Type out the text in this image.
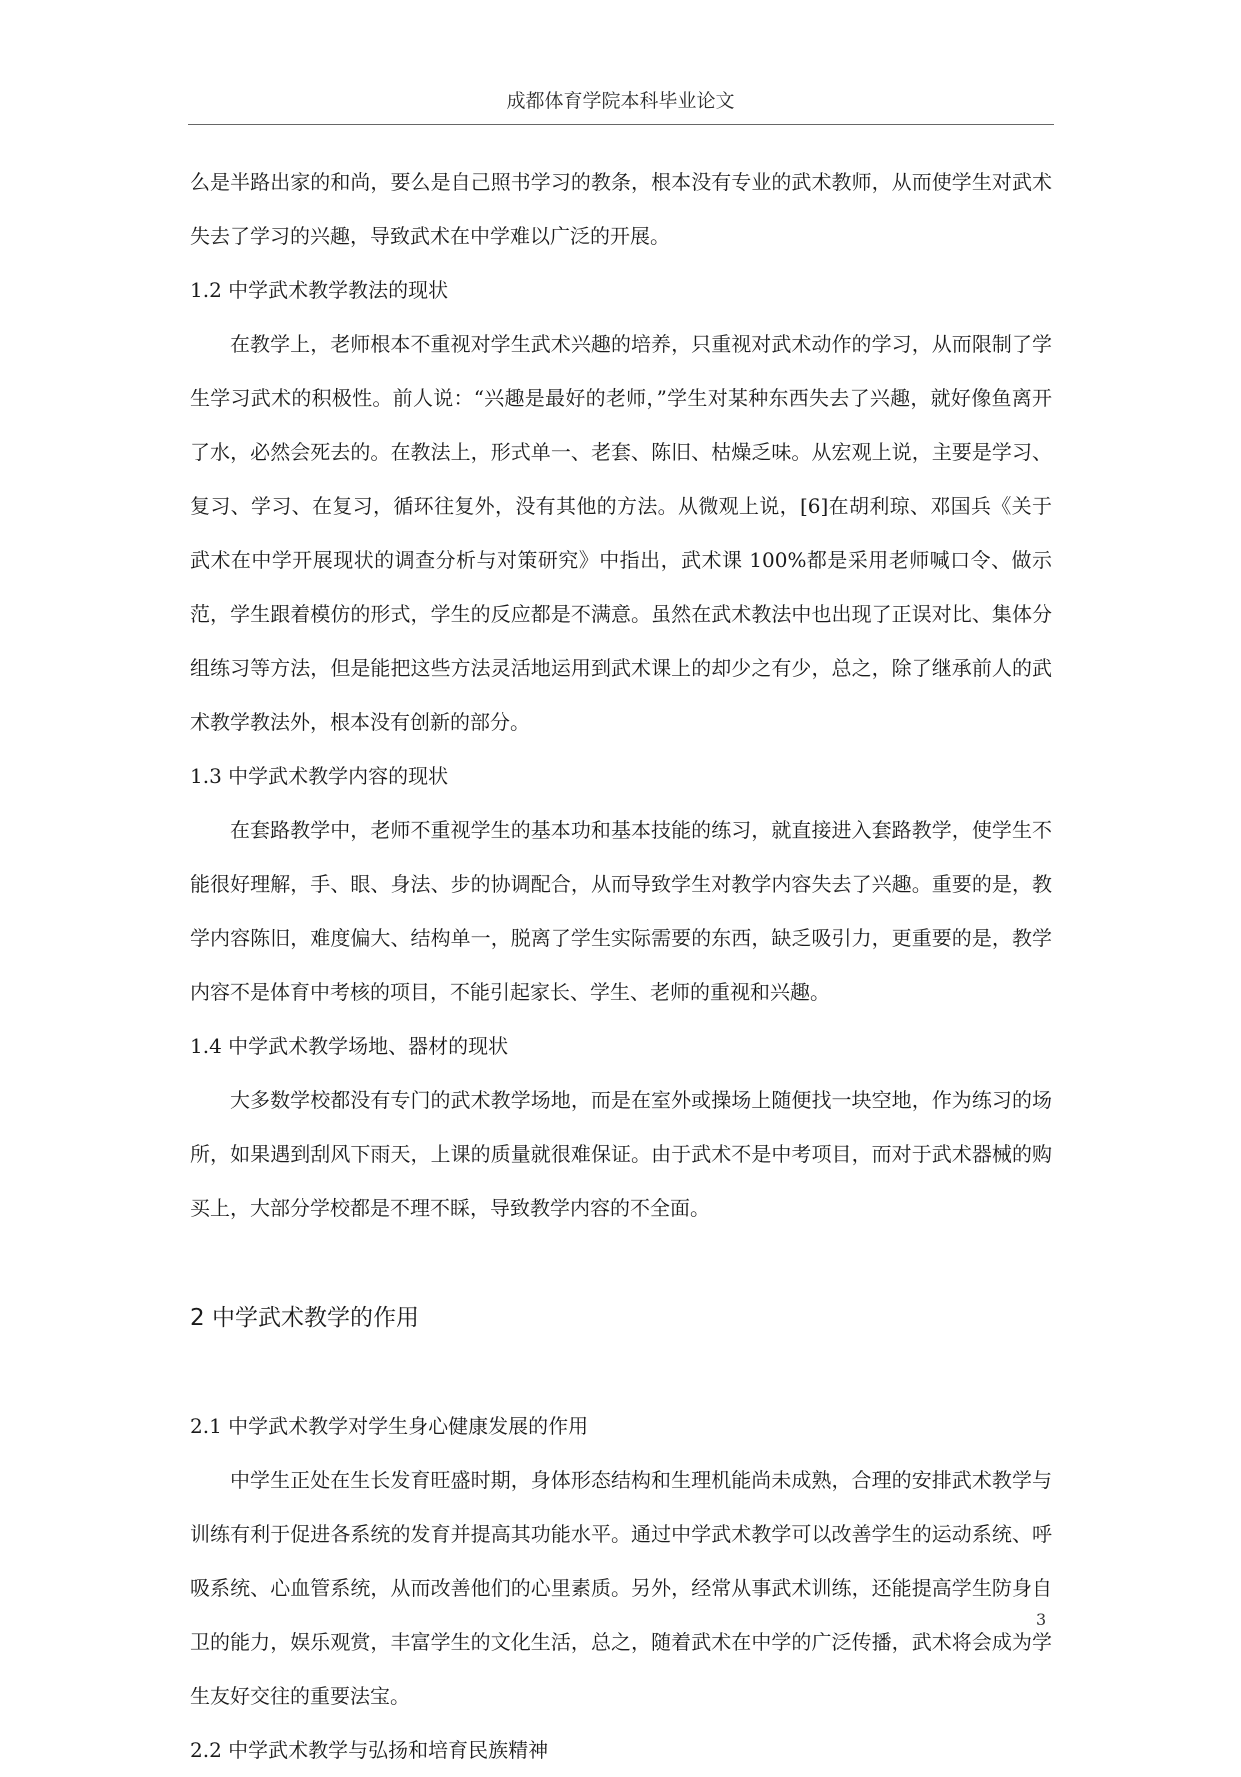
成都体育学院本科毕业论文

么是半路出家的和尚，要么是自己照书学习的教条，根本没有专业的武术教师，从而使学生对武术失去了学习的兴趣，导致武术在中学难以广泛的开展。

1.2 中学武术教学教法的现状

在教学上，老师根本不重视对学生武术兴趣的培养，只重视对武术动作的学习，从而限制了学生学习武术的积极性。前人说：“兴趣是最好的老师，”学生对某种东西失去了兴趣，就好像鱼离开了水，必然会死去的。在教法上，形式单一、老套、陈旧、枯燥乏味。从宏观上说，主要是学习、复习、学习、在复习，循环往复外，没有其他的方法。从微观上说，[6]在胡利琼、邓国兵《关于武术在中学开展现状的调查分析与对策研究》中指出，武术课 100%都是采用老师喊口令、做示范，学生跟着模仿的形式，学生的反应都是不满意。虽然在武术教法中也出现了正误对比、集体分组练习等方法，但是能把这些方法灵活地运用到武术课上的却少之有少，总之，除了继承前人的武术教学教法外，根本没有创新的部分。

1.3 中学武术教学内容的现状

在套路教学中，老师不重视学生的基本功和基本技能的练习，就直接进入套路教学，使学生不能很好理解，手、眼、身法、步的协调配合，从而导致学生对教学内容失去了兴趣。重要的是，教学内容陈旧，难度偏大、结构单一，脱离了学生实际需要的东西，缺乏吸引力，更重要的是，教学内容不是体育中考核的项目，不能引起家长、学生、老师的重视和兴趣。

1.4 中学武术教学场地、器材的现状

大多数学校都没有专门的武术教学场地，而是在室外或操场上随便找一块空地，作为练习的场所，如果遇到刮风下雨天，上课的质量就很难保证。由于武术不是中考项目，而对于武术器械的购买上，大部分学校都是不理不睬，导致教学内容的不全面。

2 中学武术教学的作用
2.1 中学武术教学对学生身心健康发展的作用

中学生正处在生长发育旺盛时期，身体形态结构和生理机能尚未成熟，合理的安排武术教学与训练有利于促进各系统的发育并提高其功能水平。通过中学武术教学可以改善学生的运动系统、呼吸系统、心血管系统，从而改善他们的心里素质。另外，经常从事武术训练，还能提高学生防身自卫的能力，娱乐观赏，丰富学生的文化生活，总之，随着武术在中学的广泛传播，武术将会成为学生友好交往的重要法宝。

2.2 中学武术教学与弘扬和培育民族精神
3
